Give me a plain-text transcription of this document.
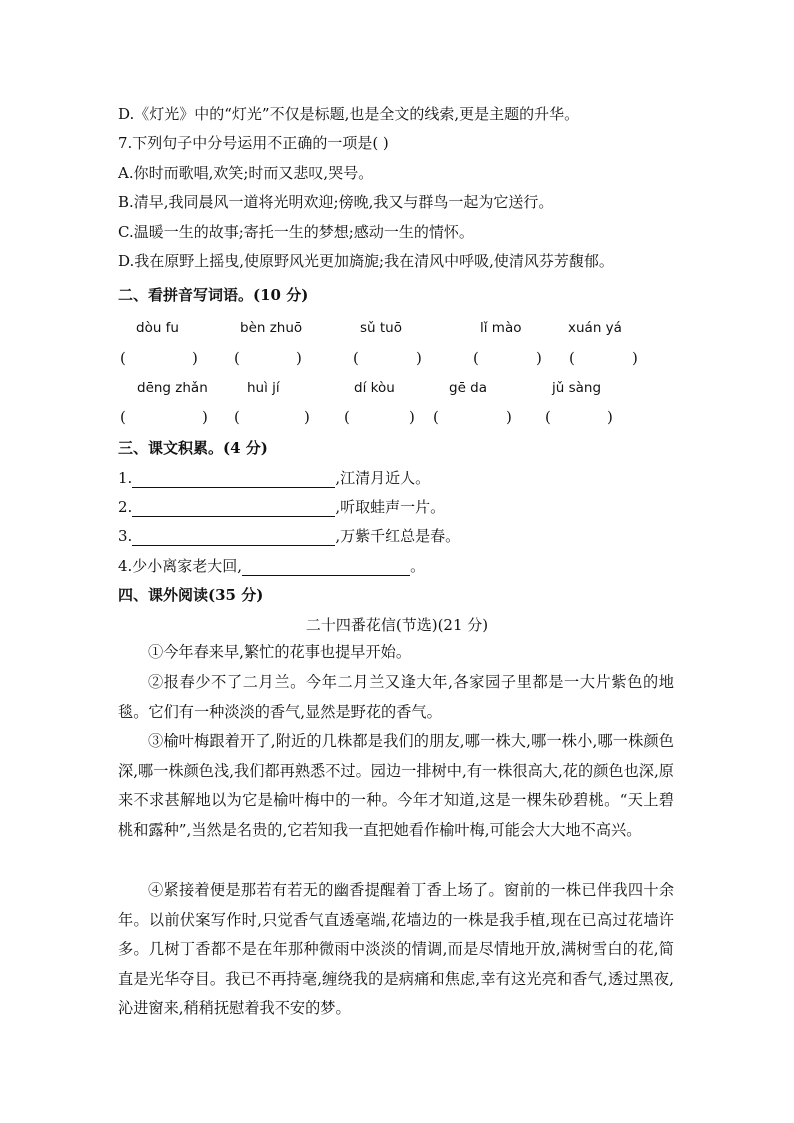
D.《灯光》中的“灯光”不仅是标题,也是全文的线索,更是主题的升华。
7.下列句子中分号运用不正确的一项是( )
A.你时而歌唱,欢笑;时而又悲叹,哭号。
B.清早,我同晨风一道将光明欢迎;傍晚,我又与群鸟一起为它送行。
C.温暖一生的故事;寄托一生的梦想;感动一生的情怀。
D.我在原野上摇曳,使原野风光更加旖旎;我在清风中呼吸,使清风芬芳馥郁。
二、看拼音写词语。(10 分)
dòu fu	bèn zhuō	sǔ tuō	lǐ mào	xuán yá
(	) (	)	(	)	(	) (	)
dēng zhǎn	huì jí	dí kòu	gē da	jǔ sàng
(	) (	) (	) (	) (	)
三、课文积累。(4 分)
1.	,江清月近人。
2.	,听取蛙声一片。
3.	,万紫千红总是春。
4.少小离家老大回,	。
四、课外阅读(35 分)
二十四番花信(节选)(21 分)
①今年春来早,繁忙的花事也提早开始。
②报春少不了二月兰。今年二月兰又逢大年,各家园子里都是一大片紫色的地毯。它们有一种淡淡的香气,显然是野花的香气。
③榆叶梅跟着开了,附近的几株都是我们的朋友,哪一株大,哪一株小,哪一株颜色深,哪一株颜色浅,我们都再熟悉不过。园边一排树中,有一株很高大,花的颜色也深,原来不求甚解地以为它是榆叶梅中的一种。今年才知道,这是一棵朱砂碧桃。“天上碧桃和露种”,当然是名贵的,它若知我一直把她看作榆叶梅,可能会大大地不高兴。
④紧接着便是那若有若无的幽香提醒着丁香上场了。窗前的一株已伴我四十余年。以前伏案写作时,只觉香气直透毫端,花墙边的一株是我手植,现在已高过花墙许多。几树丁香都不是在年那种微雨中淡淡的情调,而是尽情地开放,满树雪白的花,简直是光华夺目。我已不再持毫,缠绕我的是病痛和焦虑,幸有这光亮和香气,透过黑夜,沁进窗来,稍稍抚慰着我不安的梦。
